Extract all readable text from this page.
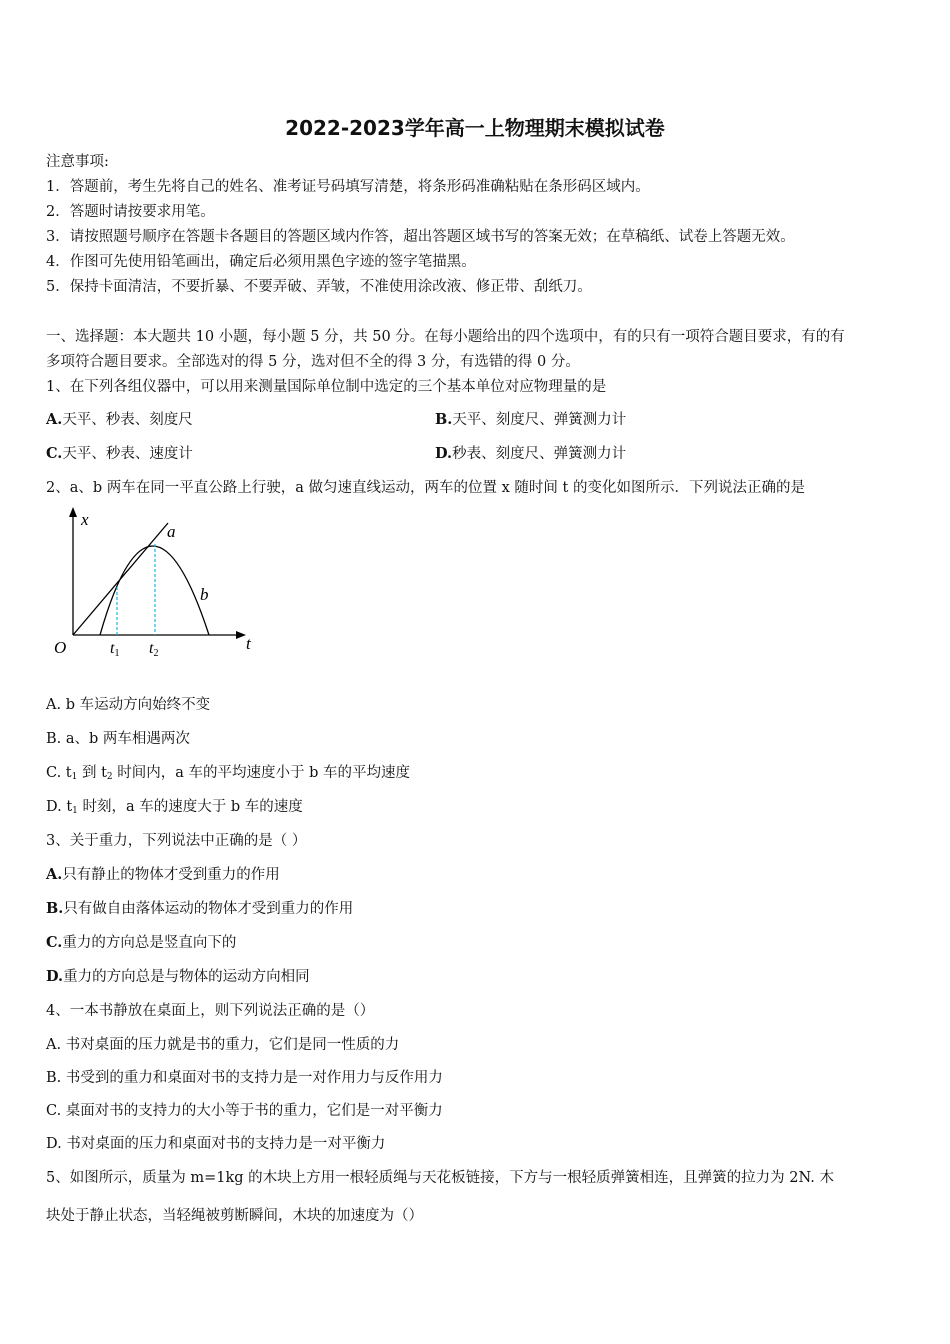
2022-2023学年高一上物理期末模拟试卷
注意事项:
1．答题前，考生先将自己的姓名、准考证号码填写清楚，将条形码准确粘贴在条形码区域内。
2．答题时请按要求用笔。
3．请按照题号顺序在答题卡各题目的答题区域内作答，超出答题区域书写的答案无效；在草稿纸、试卷上答题无效。
4．作图可先使用铅笔画出，确定后必须用黑色字迹的签字笔描黑。
5．保持卡面清洁，不要折暴、不要弄破、弄皱，不准使用涂改液、修正带、刮纸刀。
一、选择题：本大题共 10 小题，每小题 5 分，共 50 分。在每小题给出的四个选项中，有的只有一项符合题目要求，有的有
多项符合题目要求。全部选对的得 5 分，选对但不全的得 3 分，有选错的得 0 分。
1、在下列各组仪器中，可以用来测量国际单位制中选定的三个基本单位对应物理量的是
A.天平、秒表、刻度尺	B.天平、刻度尺、弹簧测力计
C.天平、秒表、速度计	D.秒表、刻度尺、弹簧测力计
2、a、b 两车在同一平直公路上行驶，a 做匀速直线运动，两车的位置 x 随时间 t 的变化如图所示．下列说法正确的是
x
t
O
a
b
t1 t2
A. b 车运动方向始终不变
B. a、b 两车相遇两次
C. $t_1$ 到 $t_2$ 时间内，a 车的平均速度小于 b 车的平均速度
D. $t_1$ 时刻，a 车的速度大于 b 车的速度
3、关于重力，下列说法中正确的是（ ）
A.只有静止的物体才受到重力的作用
B.只有做自由落体运动的物体才受到重力的作用
C.重力的方向总是竖直向下的
D.重力的方向总是与物体的运动方向相同
4、一本书静放在桌面上，则下列说法正确的是（）
A. 书对桌面的压力就是书的重力，它们是同一性质的力
B. 书受到的重力和桌面对书的支持力是一对作用力与反作用力
C. 桌面对书的支持力的大小等于书的重力，它们是一对平衡力
D. 书对桌面的压力和桌面对书的支持力是一对平衡力
5、如图所示，质量为 m=1kg 的木块上方用一根轻质绳与天花板链接，下方与一根轻质弹簧相连，且弹簧的拉力为 2N. 木
块处于静止状态，当轻绳被剪断瞬间，木块的加速度为（）
